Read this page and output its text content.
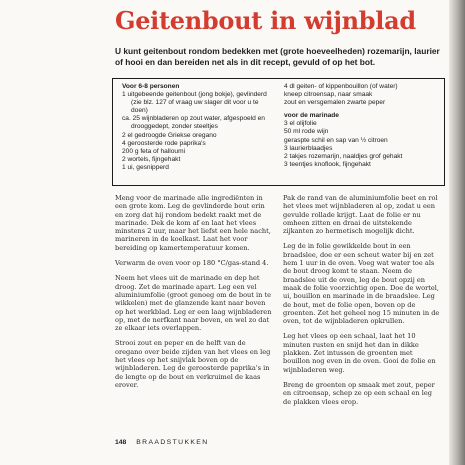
Geitenbout in wijnblad

U kunt geitenbout rondom bedekken met (grote hoeveelheden) rozemarijn, laurier of hooi en dan bereiden net als in dit recept, gevuld of op het bot.

Voor 6-8 personen

1 uitgebeende geitenbout (jong bokje), gevlinderd (zie blz. 127 of vraag uw slager dit voor u te doen)
ca. 25 wijnbladeren op zout water, afgespoeld en drooggedept, zonder steeltjes
2 el gedroogde Griekse oregano
4 geroosterde rode paprika's
200 g feta of halloumi
2 wortels, fijngehakt
1 ui, gesnipperd
4 dl geiten- of kippenbouillon (of water)
kneep citroensap, naar smaak
zout en versgemalen zwarte peper

voor de marinade

3 el olijfolie
50 ml rode wijn
geraspte schil en sap van ½ citroen
3 laurierblaadjes
2 takjes rozemarijn, naaldjes grof gehakt
3 teentjes knoflook, fijngehakt

Meng voor de marinade alle ingrediënten in een grote kom. Leg de gevlinderde bout erin en zorg dat hij rondom bedekt raakt met de marinade. Dek de kom af en laat het vlees minstens 2 uur, maar het liefst een hele nacht, marineren in de koelkast. Laat het voor bereiding op kamertemperatuur komen.

Verwarm de oven voor op 180 °C/gas-stand 4.

Neem het vlees uit de marinade en dep het droog. Zet de marinade apart. Leg een vel aluminiumfolie (groot genoeg om de bout in te wikkelen) met de glanzende kant naar boven op het werkblad. Leg er een laag wijnbladeren op, met de nerfkant naar boven, en wel zo dat ze elkaar iets overlappen.

Strooi zout en peper en de helft van de oregano over beide zijden van het vlees en leg het vlees op het snijvlak boven op de wijnbladeren. Leg de geroosterde paprika's in de lengte op de bout en verkruimel de kaas erover.

Pak de rand van de aluminiumfolie beet en rol het vlees met wijnbladeren al op, zodat u een gevulde rollade krijgt. Laat de folie er nu omheen zitten en draai de uitstekende zijkanten zo hermetisch mogelijk dicht.

Leg de in folie gewikkelde bout in een braadslee, doe er een scheut water bij en zet hem 1 uur in de oven. Voeg wat water toe als de bout droog komt te staan. Neem de braadslee uit de oven, leg de bout opzij en maak de folie voorzichtig open. Doe de wortel, ui, bouillon en marinade in de braadslee. Leg de bout, met de folie open, boven op de groenten. Zet het geheel nog 15 minuten in de oven, tot de wijnbladeren opkrullen.

Leg het vlees op een schaal, laat het 10 minuten rusten en snijd het dan in dikke plakken. Zet intussen de groenten met bouillon nog even in de oven. Gooi de folie en wijnbladeren weg.

Breng de groenten op smaak met zout, peper en citroensap, schep ze op een schaal en leg de plakken vlees erop.

148 BRAADSTUKKEN
